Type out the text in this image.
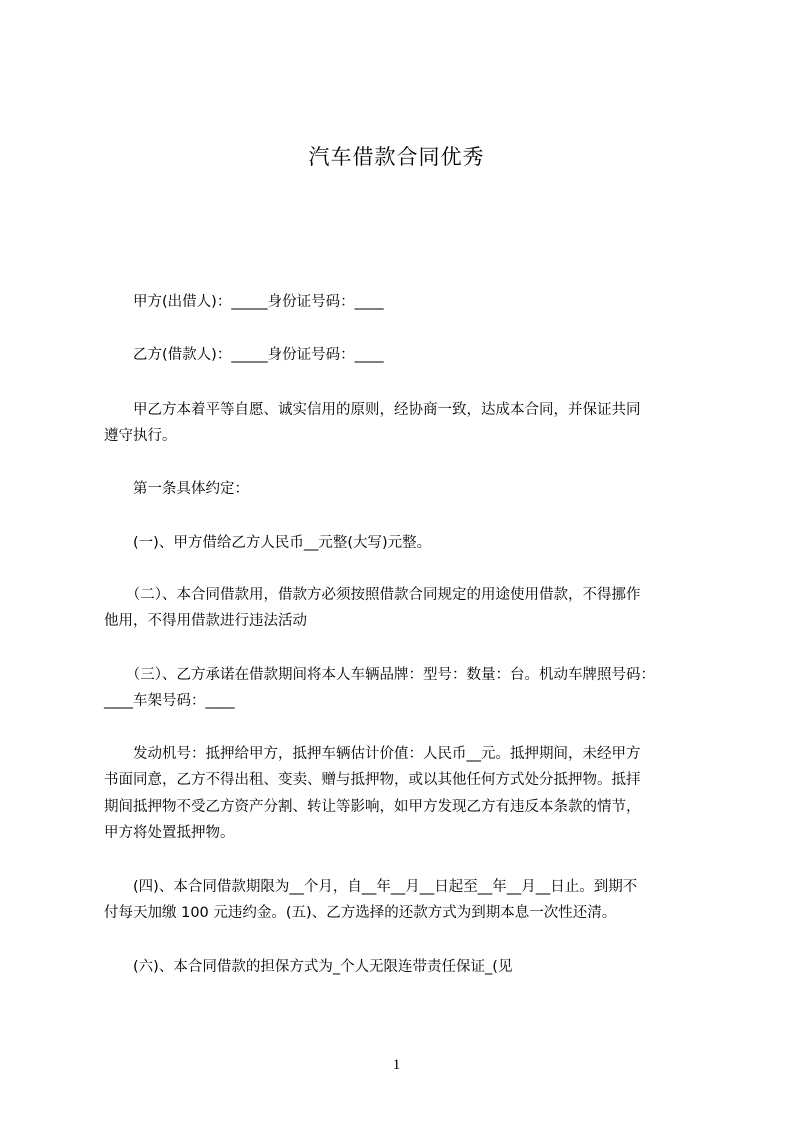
汽车借款合同优秀
　　甲方(出借人)：_____身份证号码：____
　　乙方(借款人)：_____身份证号码：____
　　甲乙方本着平等自愿、诚实信用的原则，经协商一致，达成本合同，并保证共同
遵守执行。
　　第一条具体约定：
　　(一)、甲方借给乙方人民币__元整(大写)元整。
　　（二）、本合同借款用，借款方必须按照借款合同规定的用途使用借款，不得挪作
他用，不得用借款进行违法活动
　　（三）、乙方承诺在借款期间将本人车辆品牌：型号：数量：台。机动车牌照号码：
____车架号码：____
　　发动机号：抵押给甲方，抵押车辆估计价值：人民币__元。抵押期间，未经甲方
书面同意，乙方不得出租、变卖、赠与抵押物，或以其他任何方式处分抵押物。抵拝
期间抵押物不受乙方资产分割、转让等影响，如甲方发现乙方有违反本条款的情节，
甲方将处置抵押物。
　　(四)、本合同借款期限为__个月，自__年__月__日起至__年__月__日止。到期不
付每天加缴 100 元违约金。(五)、乙方选择的还款方式为到期本息一次性还清。
　　(六)、本合同借款的担保方式为_个人无限连带责任保证_(见
1
